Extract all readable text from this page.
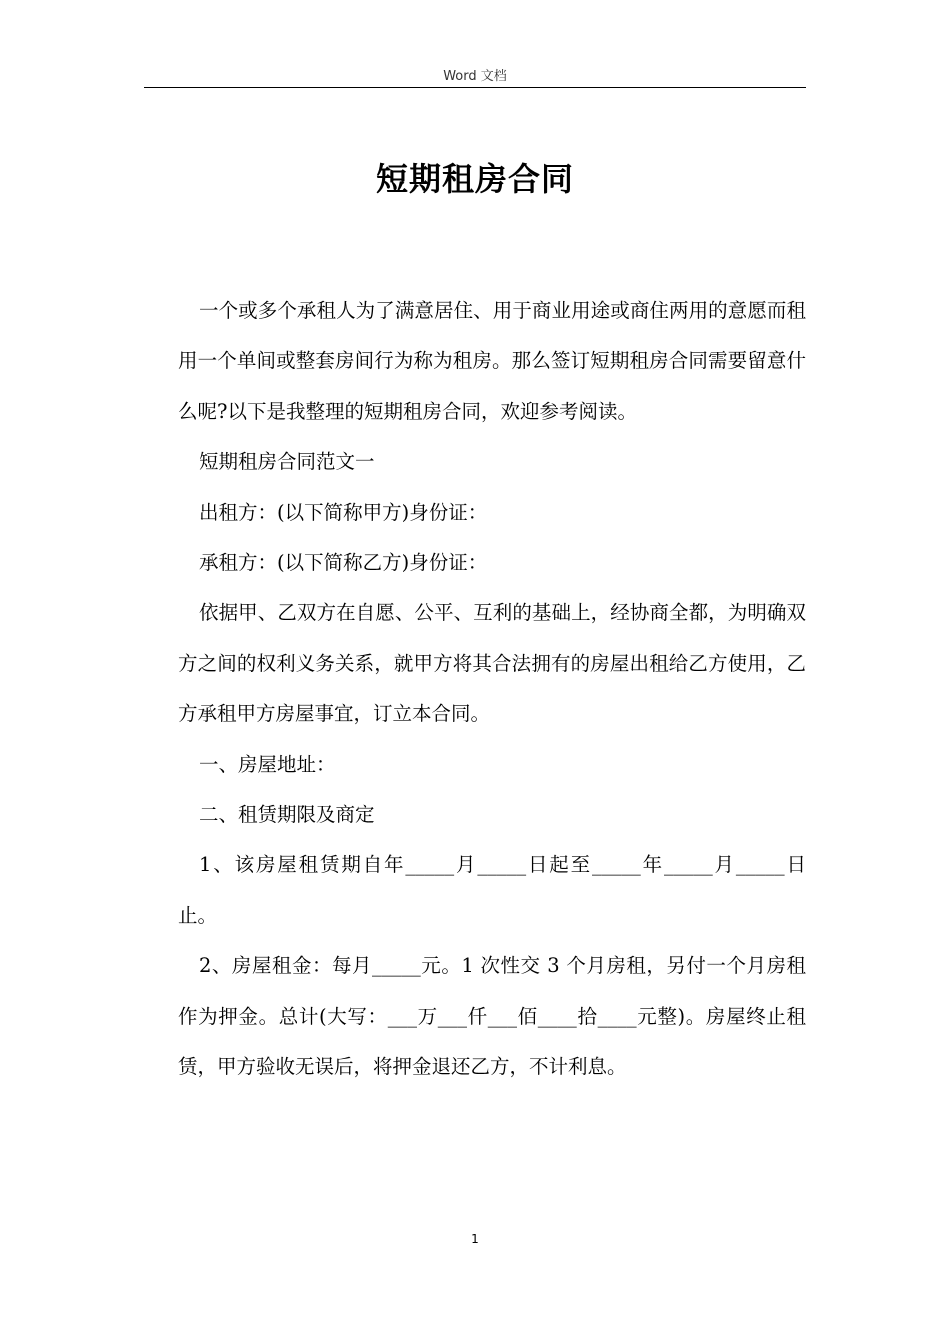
Word 文档
短期租房合同

一个或多个承租人为了满意居住、用于商业用途或商住两用的意愿而租用一个单间或整套房间行为称为租房。那么签订短期租房合同需要留意什么呢?以下是我整理的短期租房合同，欢迎参考阅读。

短期租房合同范文一

出租方：(以下简称甲方)身份证：

承租方：(以下简称乙方)身份证：

依据甲、乙双方在自愿、公平、互利的基础上，经协商全都，为明确双方之间的权利义务关系，就甲方将其合法拥有的房屋出租给乙方使用，乙方承租甲方房屋事宜，订立本合同。

一、房屋地址：

二、租赁期限及商定

1、该房屋租赁期自年_____月_____日起至_____年_____月_____日止。

2、房屋租金：每月_____元。1 次性交 3 个月房租，另付一个月房租作为押金。总计(大写：___万___仟___佰____拾____元整)。房屋终止租赁，甲方验收无误后，将押金退还乙方，不计利息。

1
